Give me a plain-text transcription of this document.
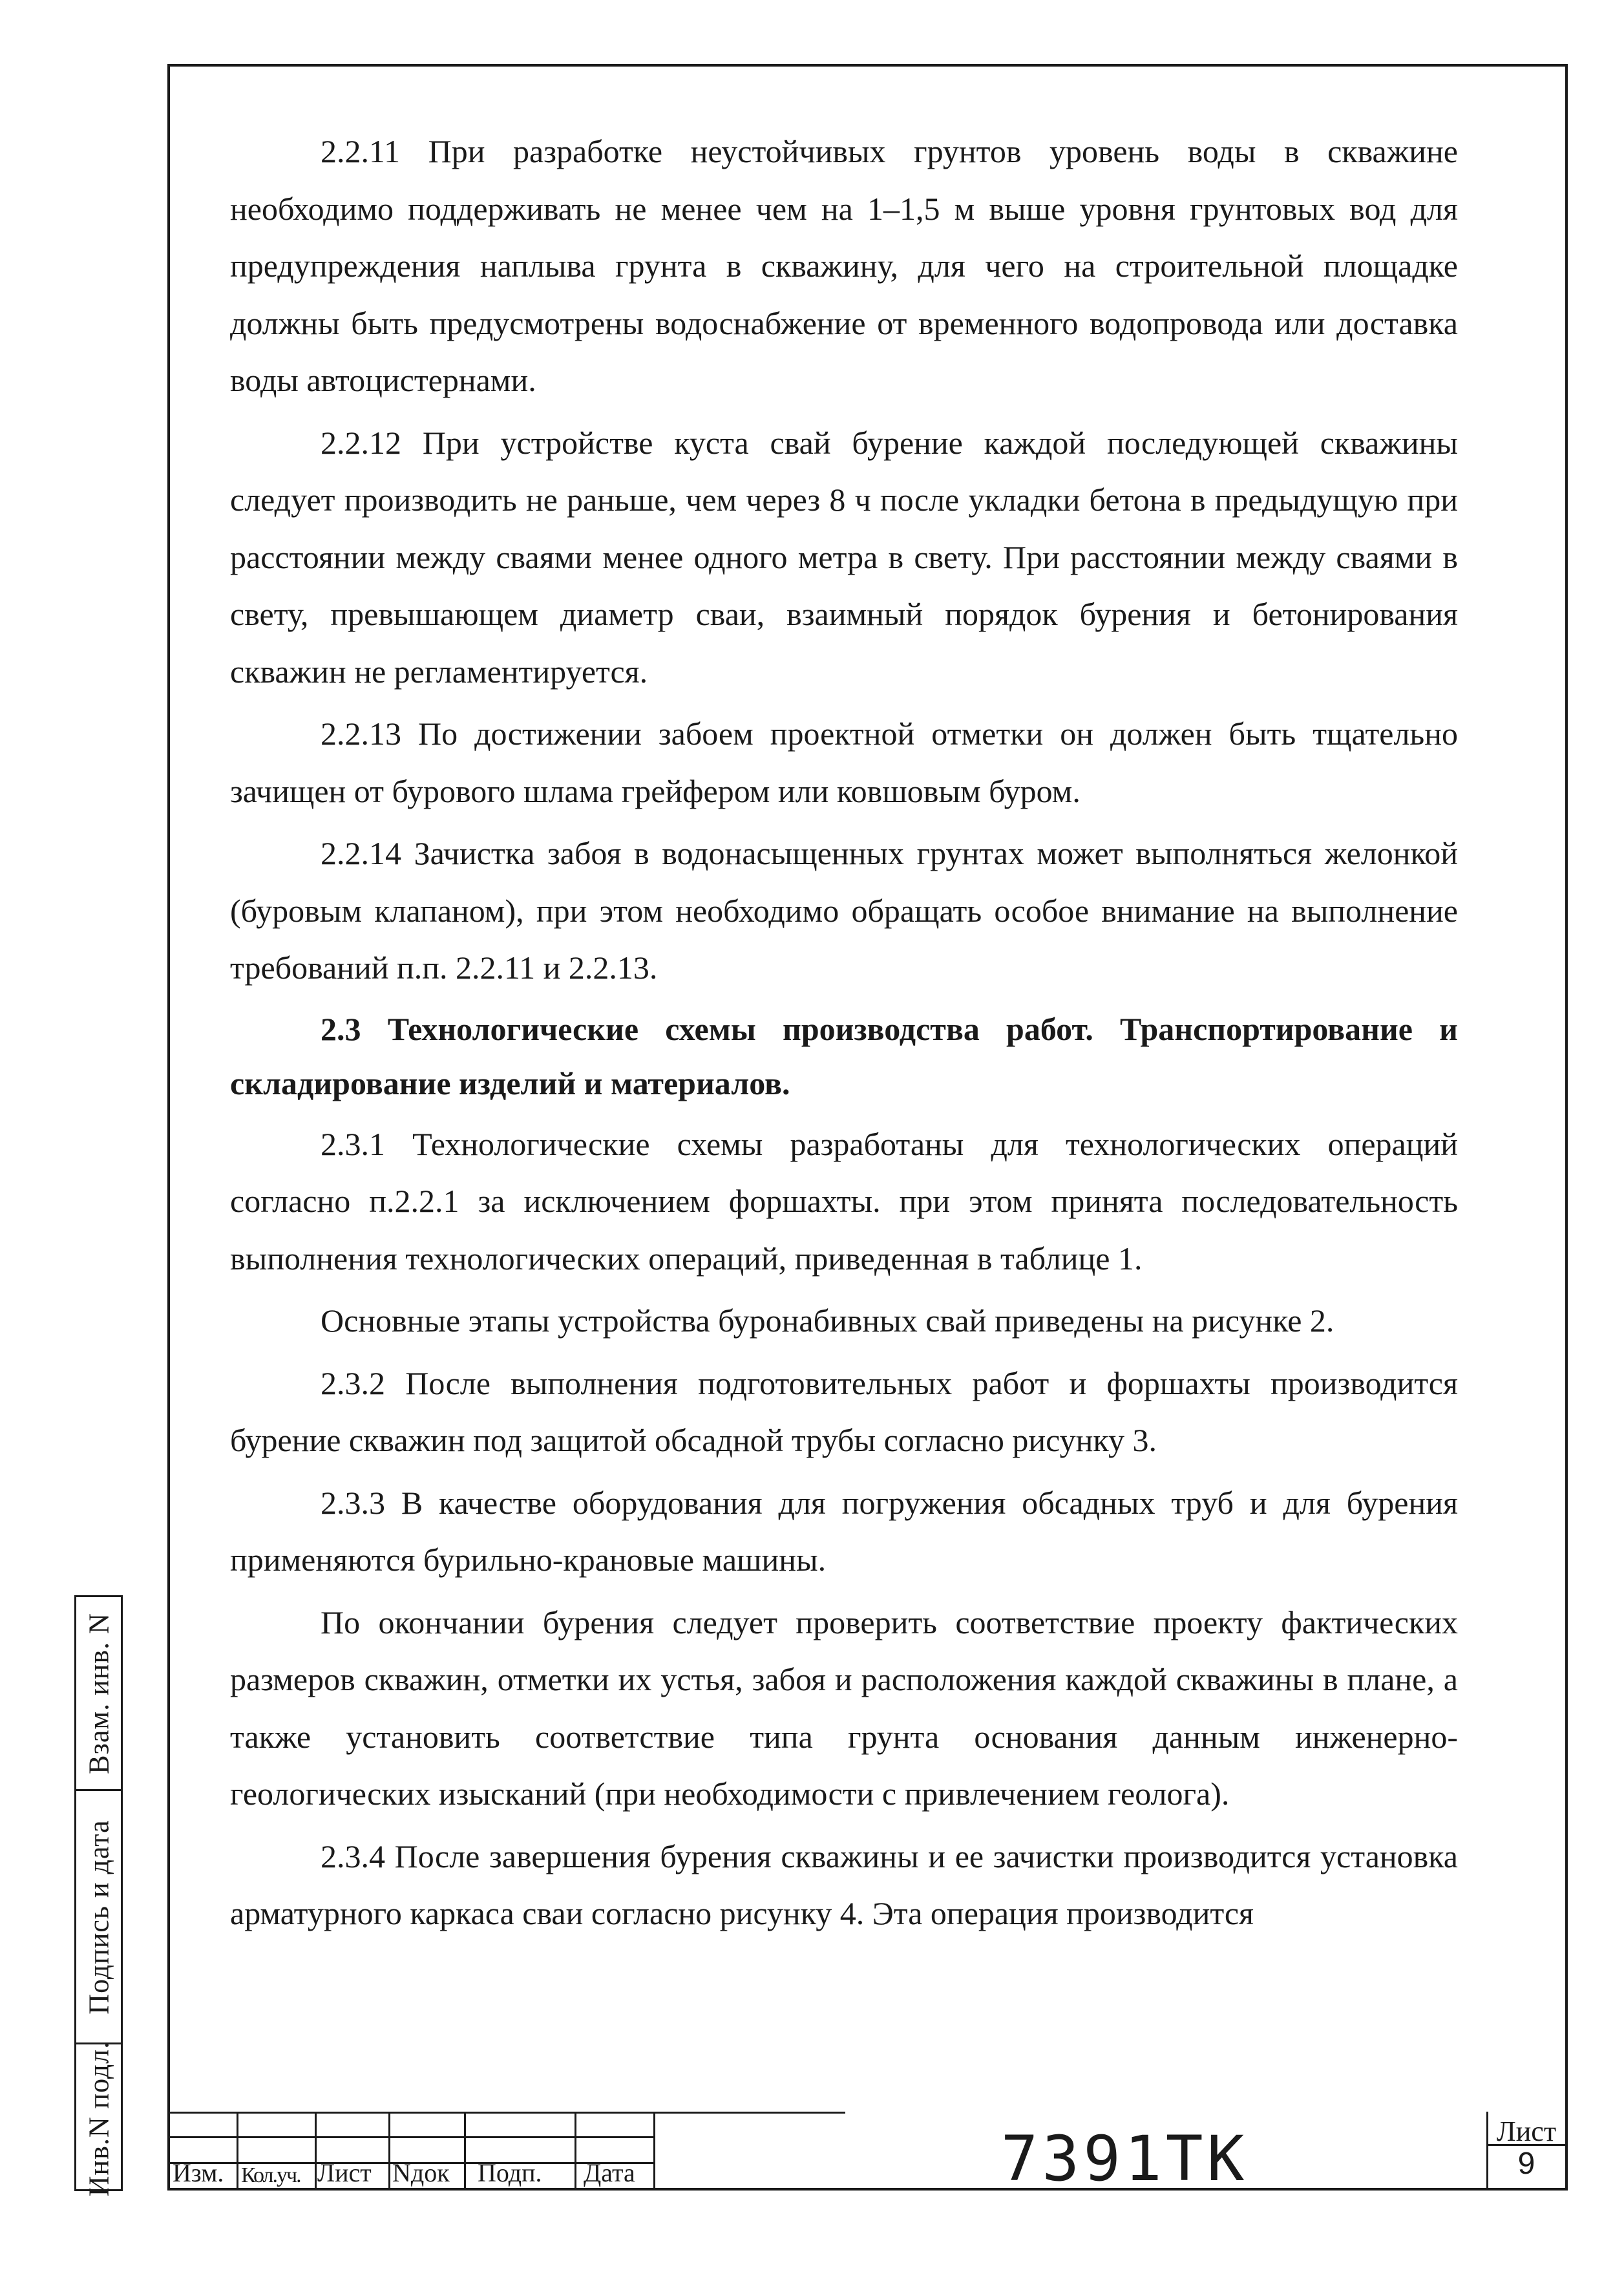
2.2.11 При разработке неустойчивых грунтов уровень воды в скважине необходимо поддерживать не менее чем на 1–1,5 м выше уровня грунтовых вод для предупреждения наплыва грунта в скважину, для чего на строительной площадке должны быть предусмотрены водоснабжение от временного водопровода или доставка воды автоцистернами.

2.2.12 При устройстве куста свай бурение каждой последующей скважины следует производить не раньше, чем через 8 ч после укладки бетона в предыдущую при расстоянии между сваями менее одного метра в свету. При расстоянии между сваями в свету, превышающем диаметр сваи, взаимный порядок бурения и бетонирования скважин не регламентируется.

2.2.13 По достижении забоем проектной отметки он должен быть тщательно зачищен от бурового шлама грейфером или ковшовым буром.

2.2.14 Зачистка забоя в водонасыщенных грунтах может выполняться желонкой (буровым клапаном), при этом необходимо обращать особое внимание на выполнение требований п.п. 2.2.11 и 2.2.13.

2.3 Технологические схемы производства работ. Транспортирование и складирование изделий и материалов.

2.3.1 Технологические схемы разработаны для технологических операций согласно п.2.2.1 за исключением форшахты. при этом принята последовательность выполнения технологических операций, приведенная в таблице 1.

Основные этапы устройства буронабивных свай приведены на рисунке 2.

2.3.2 После выполнения подготовительных работ и форшахты производится бурение скважин под защитой обсадной трубы согласно рисунку 3.

2.3.3 В качестве оборудования для погружения обсадных труб и для бурения применяются бурильно-крановые машины.

По окончании бурения следует проверить соответствие проекту фактических размеров скважин, отметки их устья, забоя и расположения каждой скважины в плане, а также установить соответствие типа грунта основания данным инженерно-геологических изысканий (при необходимости с привлечением геолога).

2.3.4 После завершения бурения скважины и ее зачистки производится установка арматурного каркаса сваи согласно рисунку 4. Эта операция производится

Взам. инв. N
Подпись и дата
Инв.N подл. Изм. Кол.уч. Лист Nдок Подп. Дата	7391ТК	Лист
9
